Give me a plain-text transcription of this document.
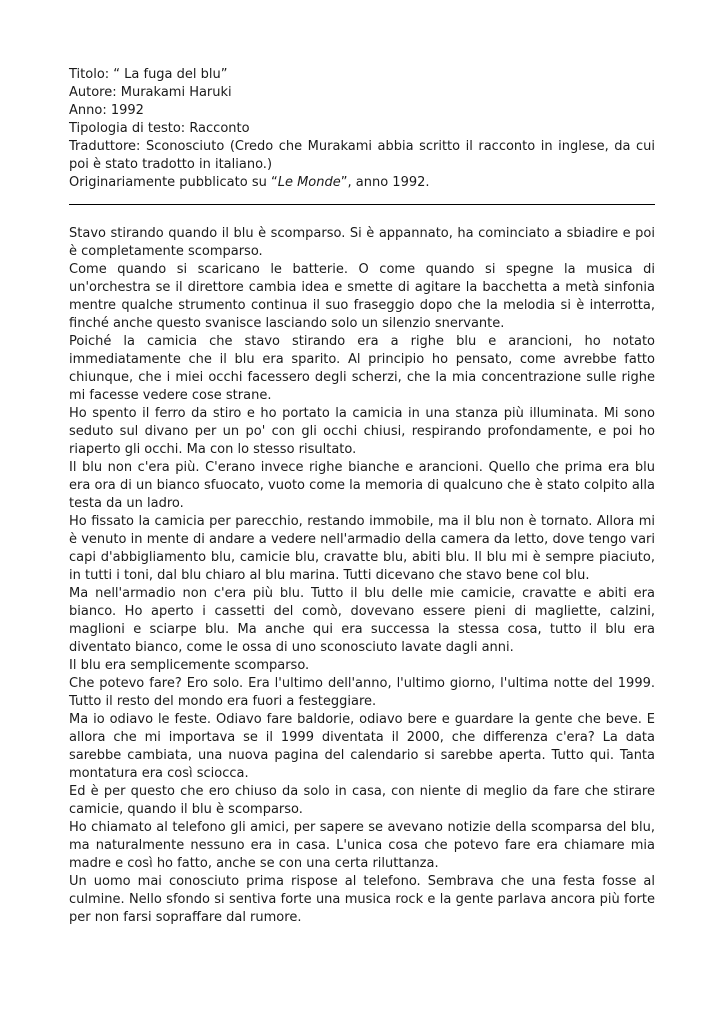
Titolo: “ La fuga del blu”

Autore: Murakami Haruki

Anno: 1992

Tipologia di testo: Racconto

Traduttore: Sconosciuto (Credo che Murakami abbia scritto il racconto in inglese, da cui poi è stato tradotto in italiano.)

Originariamente pubblicato su “Le Monde”, anno 1992.

Stavo stirando quando il blu è scomparso. Si è appannato, ha cominciato a sbiadire e poi è completamente scomparso.

Come quando si scaricano le batterie. O come quando si spegne la musica di un'orchestra se il direttore cambia idea e smette di agitare la bacchetta a metà sinfonia mentre qualche strumento continua il suo fraseggio dopo che la melodia si è interrotta, finché anche questo svanisce lasciando solo un silenzio snervante.

Poiché la camicia che stavo stirando era a righe blu e arancioni, ho notato immediatamente che il blu era sparito. Al principio ho pensato, come avrebbe fatto chiunque, che i miei occhi facessero degli scherzi, che la mia concentrazione sulle righe mi facesse vedere cose strane.

Ho spento il ferro da stiro e ho portato la camicia in una stanza più illuminata. Mi sono seduto sul divano per un po' con gli occhi chiusi, respirando profondamente, e poi ho riaperto gli occhi. Ma con lo stesso risultato.

Il blu non c'era più. C'erano invece righe bianche e arancioni. Quello che prima era blu era ora di un bianco sfuocato, vuoto come la memoria di qualcuno che è stato colpito alla testa da un ladro.

Ho fissato la camicia per parecchio, restando immobile, ma il blu non è tornato. Allora mi è venuto in mente di andare a vedere nell'armadio della camera da letto, dove tengo vari capi d'abbigliamento blu, camicie blu, cravatte blu, abiti blu. Il blu mi è sempre piaciuto, in tutti i toni, dal blu chiaro al blu marina. Tutti dicevano che stavo bene col blu.

Ma nell'armadio non c'era più blu. Tutto il blu delle mie camicie, cravatte e abiti era bianco. Ho aperto i cassetti del comò, dovevano essere pieni di magliette, calzini, maglioni e sciarpe blu. Ma anche qui era successa la stessa cosa, tutto il blu era diventato bianco, come le ossa di uno sconosciuto lavate dagli anni.

Il blu era semplicemente scomparso.

Che potevo fare? Ero solo. Era l'ultimo dell'anno, l'ultimo giorno, l'ultima notte del 1999. Tutto il resto del mondo era fuori a festeggiare.

Ma io odiavo le feste. Odiavo fare baldorie, odiavo bere e guardare la gente che beve. E allora che mi importava se il 1999 diventata il 2000, che differenza c'era? La data sarebbe cambiata, una nuova pagina del calendario si sarebbe aperta. Tutto qui. Tanta montatura era così sciocca.

Ed è per questo che ero chiuso da solo in casa, con niente di meglio da fare che stirare camicie, quando il blu è scomparso.

Ho chiamato al telefono gli amici, per sapere se avevano notizie della scomparsa del blu, ma naturalmente nessuno era in casa. L'unica cosa che potevo fare era chiamare mia madre e così ho fatto, anche se con una certa riluttanza.

Un uomo mai conosciuto prima rispose al telefono. Sembrava che una festa fosse al culmine. Nello sfondo si sentiva forte una musica rock e la gente parlava ancora più forte per non farsi sopraffare dal rumore.
